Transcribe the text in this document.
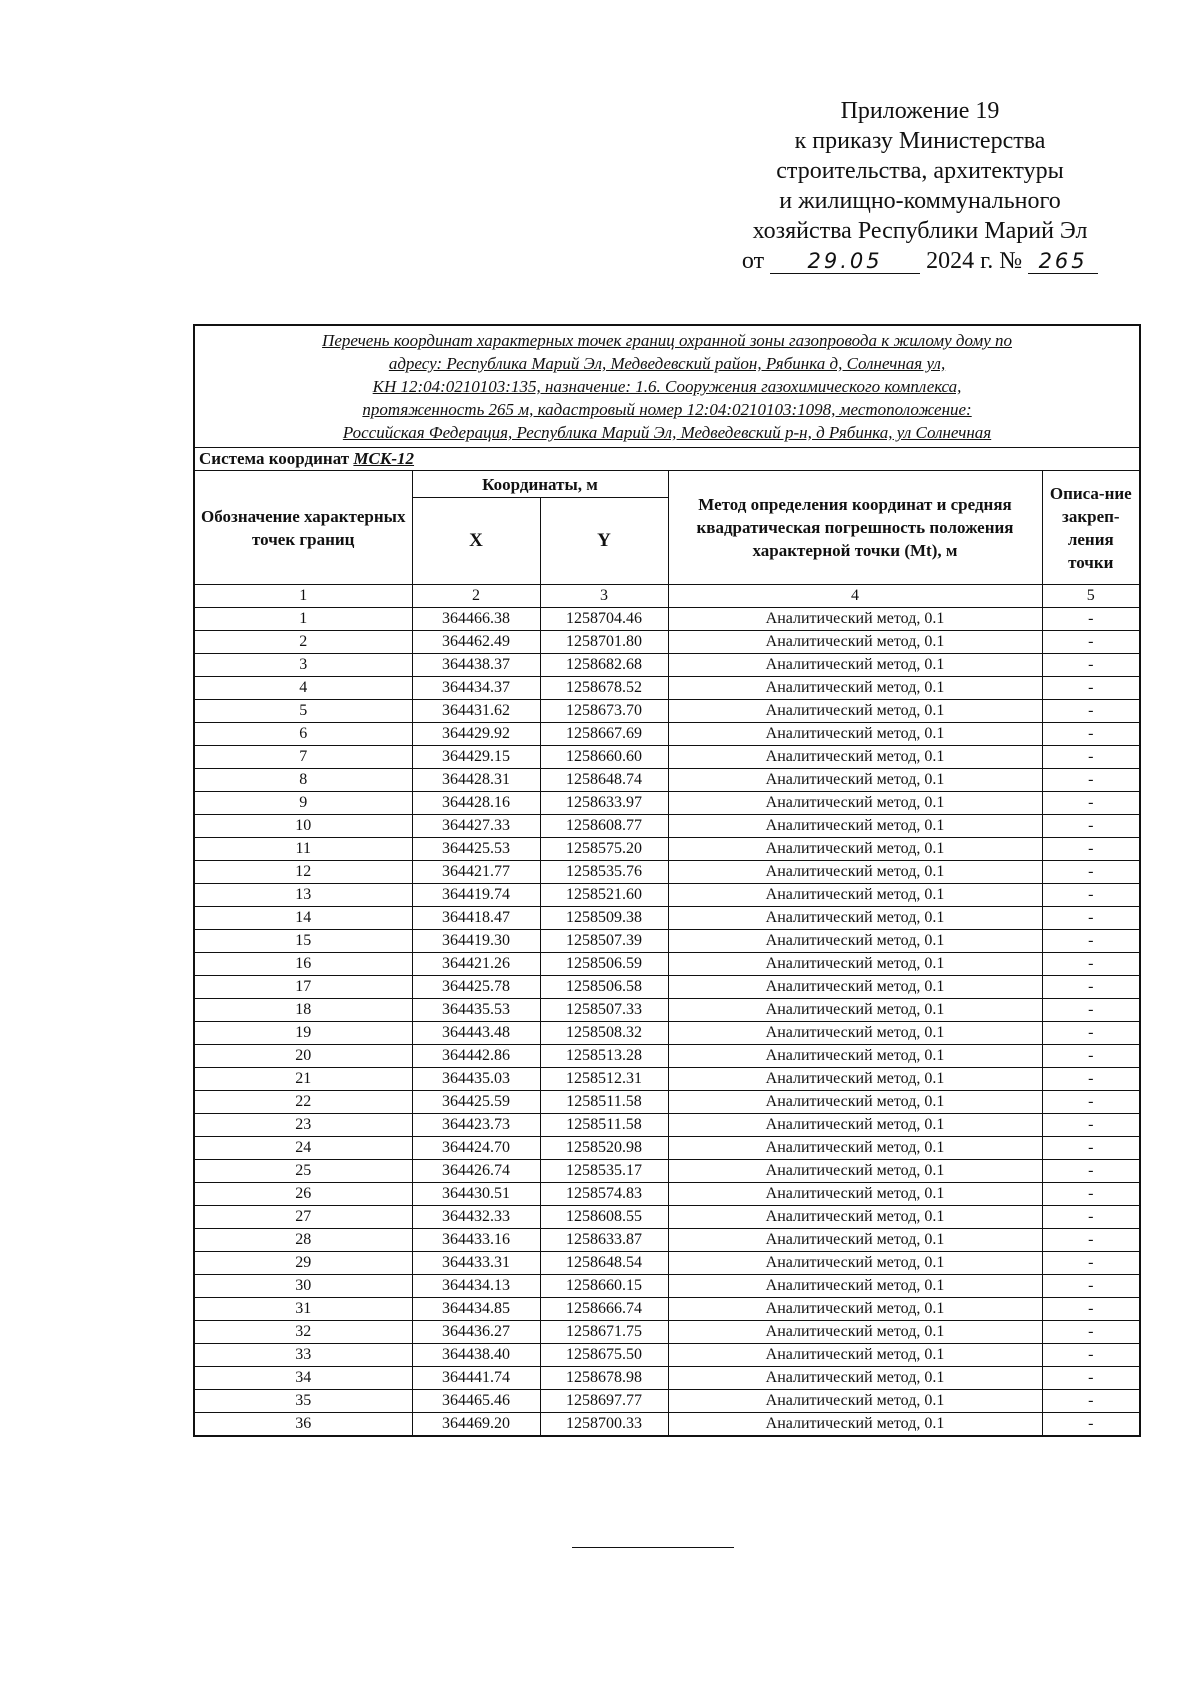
Приложение 19
к приказу Министерства
строительства, архитектуры
и жилищно-коммунального
хозяйства Республики Марий Эл
от 29.05 2024 г. № 265
Перечень координат характерных точек границ охранной зоны газопровода к жилому дому по
адресу: Республика Марий Эл, Медведевский район, Рябинка д, Солнечная ул,
КН 12:04:0210103:135, назначение: 1.6. Сооружения газохимического комплекса,
протяженность 265 м, кадастровый номер 12:04:0210103:1098, местоположение:
Российская Федерация, Республика Марий Эл, Медведевский р-н, д Рябинка, ул Солнечная				

Система координат МСК-12				
Обозначение характерных точек границ	Координаты, м		Метод определения координат и средняя квадратическая погрешность положения характерной точки (Mt), м	Описа-ние закреп-ления точки
	X	Y		
1	2	3	4	5
1	364466.38	1258704.46	Аналитический метод, 0.1	-
2	364462.49	1258701.80	Аналитический метод, 0.1	-
3	364438.37	1258682.68	Аналитический метод, 0.1	-
4	364434.37	1258678.52	Аналитический метод, 0.1	-
5	364431.62	1258673.70	Аналитический метод, 0.1	-
6	364429.92	1258667.69	Аналитический метод, 0.1	-
7	364429.15	1258660.60	Аналитический метод, 0.1	-
8	364428.31	1258648.74	Аналитический метод, 0.1	-
9	364428.16	1258633.97	Аналитический метод, 0.1	-
10	364427.33	1258608.77	Аналитический метод, 0.1	-
11	364425.53	1258575.20	Аналитический метод, 0.1	-
12	364421.77	1258535.76	Аналитический метод, 0.1	-
13	364419.74	1258521.60	Аналитический метод, 0.1	-
14	364418.47	1258509.38	Аналитический метод, 0.1	-
15	364419.30	1258507.39	Аналитический метод, 0.1	-
16	364421.26	1258506.59	Аналитический метод, 0.1	-
17	364425.78	1258506.58	Аналитический метод, 0.1	-
18	364435.53	1258507.33	Аналитический метод, 0.1	-
19	364443.48	1258508.32	Аналитический метод, 0.1	-
20	364442.86	1258513.28	Аналитический метод, 0.1	-
21	364435.03	1258512.31	Аналитический метод, 0.1	-
22	364425.59	1258511.58	Аналитический метод, 0.1	-
23	364423.73	1258511.58	Аналитический метод, 0.1	-
24	364424.70	1258520.98	Аналитический метод, 0.1	-
25	364426.74	1258535.17	Аналитический метод, 0.1	-
26	364430.51	1258574.83	Аналитический метод, 0.1	-
27	364432.33	1258608.55	Аналитический метод, 0.1	-
28	364433.16	1258633.87	Аналитический метод, 0.1	-
29	364433.31	1258648.54	Аналитический метод, 0.1	-
30	364434.13	1258660.15	Аналитический метод, 0.1	-
31	364434.85	1258666.74	Аналитический метод, 0.1	-
32	364436.27	1258671.75	Аналитический метод, 0.1	-
33	364438.40	1258675.50	Аналитический метод, 0.1	-
34	364441.74	1258678.98	Аналитический метод, 0.1	-
35	364465.46	1258697.77	Аналитический метод, 0.1	-
36	364469.20	1258700.33	Аналитический метод, 0.1	-
